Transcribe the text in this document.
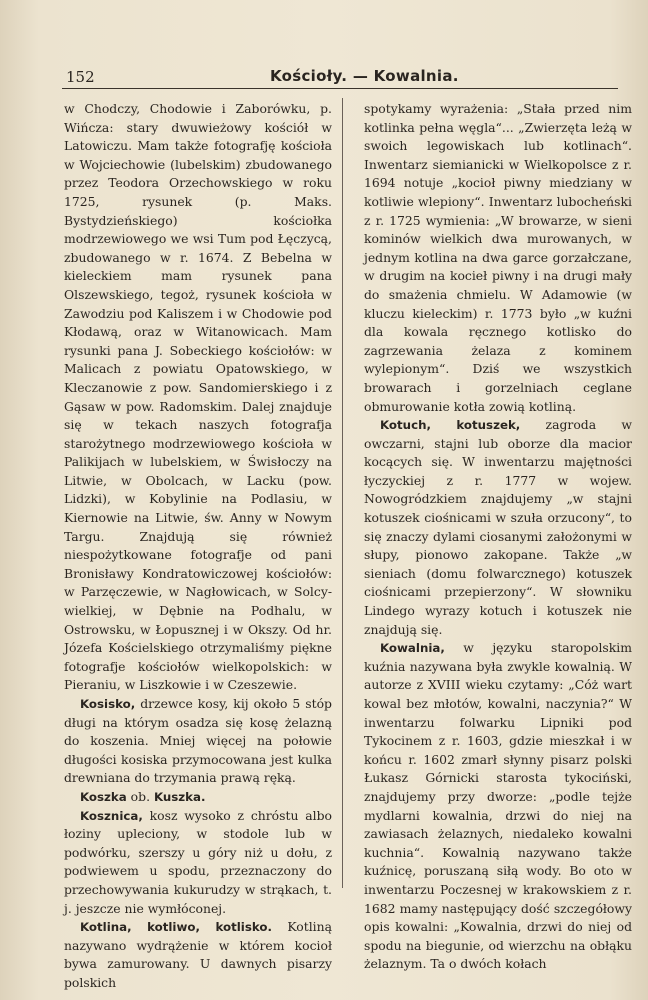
152	Kościoły. — Kowalnia.

w Chodczy, Chodowie i Zaborówku, p. Wińcza: stary dwuwieżowy kościół w Latowiczu. Mam także fotografję kościoła w Wojciechowie (lubelskim) zbudowanego przez Teodora Orzechowskiego w roku 1725, rysunek (p. Maks. Bystydzieńskiego) kościołka modrzewiowego we wsi Tum pod Łęczycą, zbudowanego w r. 1674. Z Bebelna w kieleckiem mam rysunek pana Olszewskiego, tegoż, rysunek kościoła w Zawodziu pod Kaliszem i w Chodowie pod Kłodawą, oraz w Witanowicach. Mam rysunki pana J. Sobeckiego kościołów: w Malicach z powiatu Opatowskiego, w Kleczanowie z pow. Sandomierskiego i z Gąsaw w pow. Radomskim. Dalej znajduje się w tekach naszych fotografja starożytnego modrzewiowego kościoła w Palikijach w lubelskiem, w Świsłoczy na Litwie, w Obolcach, w Lacku (pow. Lidzki), w Kobylinie na Podlasiu, w Kiernowie na Litwie, św. Anny w Nowym Targu. Znajdują się również niespożytkowane fotografje od pani Bronisławy Kondratowiczowej kościołów: w Parzęczewie, w Nagłowicach, w Solcy-wielkiej, w Dębnie na Podhalu, w Ostrowsku, w Łopusznej i w Okszy. Od hr. Józefa Kościelskiego otrzymaliśmy piękne fotografje kościołów wielkopolskich: w Pieraniu, w Liszkowie i w Czeszewie.

Kosisko, drzewce kosy, kij około 5 stóp długi na którym osadza się kosę żelazną do koszenia. Mniej więcej na połowie długości kosiska przymocowana jest kulka drewniana do trzymania prawą ręką.

Koszka ob. Kuszka.

Kosznica, kosz wysoko z chróstu albo łoziny upleciony, w stodole lub w podwórku, szerszy u góry niż u dołu, z podwiewem u spodu, przeznaczony do przechowywania kukurudzy w strąkach, t. j. jeszcze nie wymłóconej.

Kotlina, kotliwo, kotlisko. Kotliną nazywano wydrążenie w którem kocioł bywa zamurowany. U dawnych pisarzy polskich

spotykamy wyrażenia: „Stała przed nim kotlinka pełna węgla“... „Zwierzęta leżą w swoich legowiskach lub kotlinach“. Inwentarz siemianicki w Wielkopolsce z r. 1694 notuje „kocioł piwny miedziany w kotliwie wlepiony“. Inwentarz lubocheński z r. 1725 wymienia: „W browarze, w sieni kominów wielkich dwa murowanych, w jednym kotlina na dwa garce gorzałczane, w drugim na kocieł piwny i na drugi mały do smażenia chmielu. W Adamowie (w kluczu kieleckim) r. 1773 było „w kuźni dla kowala ręcznego kotlisko do zagrzewania żelaza z kominem wylepionym“. Dziś we wszystkich browarach i gorzelniach ceglane obmurowanie kotła zowią kotliną.

Kotuch, kotuszek, zagroda w owczarni, stajni lub oborze dla macior kocących się. W inwentarzu majętności łyczyckiej z r. 1777 w wojew. Nowogródzkiem znajdujemy „w stajni kotuszek ciośnicami w szuła orzucony“, to się znaczy dylami ciosanymi założonymi w słupy, pionowo zakopane. Także „w sieniach (domu folwarcznego) kotuszek ciośnicami przepierzony“. W słowniku Lindego wyrazy kotuch i kotuszek nie znajdują się.

Kowalnia, w języku staropolskim kuźnia nazywana była zwykle kowalnią. W autorze z XVIII wieku czytamy: „Cóż wart kowal bez młotów, kowalni, naczynia?“ W inwentarzu folwarku Lipniki pod Tykocinem z r. 1603, gdzie mieszkał i w końcu r. 1602 zmarł słynny pisarz polski Łukasz Górnicki starosta tykociński, znajdujemy przy dworze: „podle tejże mydlarni kowalnia, drzwi do niej na zawiasach żelaznych, niedaleko kowalni kuchnia“. Kowalnią nazywano także kuźnicę, poruszaną siłą wody. Bo oto w inwentarzu Poczesnej w krakowskiem z r. 1682 mamy następujący dość szczegółowy opis kowalni: „Kowalnia, drzwi do niej od spodu na biegunie, od wierzchu na obłąku żelaznym. Ta o dwóch kołach
